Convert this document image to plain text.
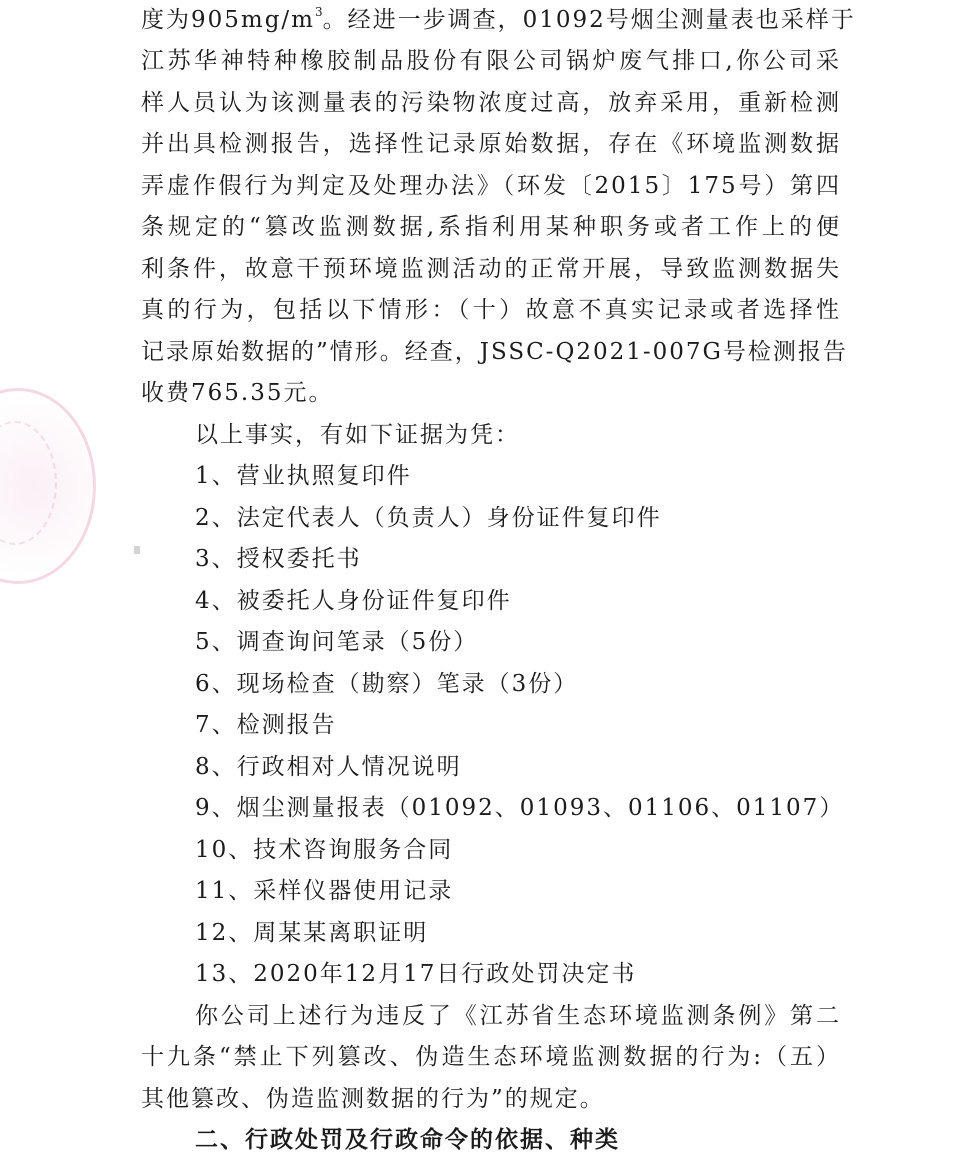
度为$905mg/m^3$。经进一步调查，01092号烟尘测量表也采样于
江苏华神特种橡胶制品股份有限公司锅炉废气排口,你公司采
样人员认为该测量表的污染物浓度过高，放弃采用，重新检测
并出具检测报告，选择性记录原始数据，存在《环境监测数据
弄虚作假行为判定及处理办法》（环发〔2015〕175号）第四
条规定的“篡改监测数据,系指利用某种职务或者工作上的便
利条件，故意干预环境监测活动的正常开展，导致监测数据失
真的行为，包括以下情形：（十）故意不真实记录或者选择性
记录原始数据的”情形。经查，JSSC-Q2021-007G号检测报告
收费765.35元。
以上事实，有如下证据为凭：
1、营业执照复印件
2、法定代表人（负责人）身份证件复印件
3、授权委托书
4、被委托人身份证件复印件
5、调查询问笔录（5份）
6、现场检查（勘察）笔录（3份）
7、检测报告
8、行政相对人情况说明
9、烟尘测量报表（01092、01093、01106、01107）
10、技术咨询服务合同
11、采样仪器使用记录
12、周某某离职证明
13、2020年12月17日行政处罚决定书
你公司上述行为违反了《江苏省生态环境监测条例》第二
十九条“禁止下列篡改、伪造生态环境监测数据的行为:（五）
其他篡改、伪造监测数据的行为”的规定。
二、行政处罚及行政命令的依据、种类
